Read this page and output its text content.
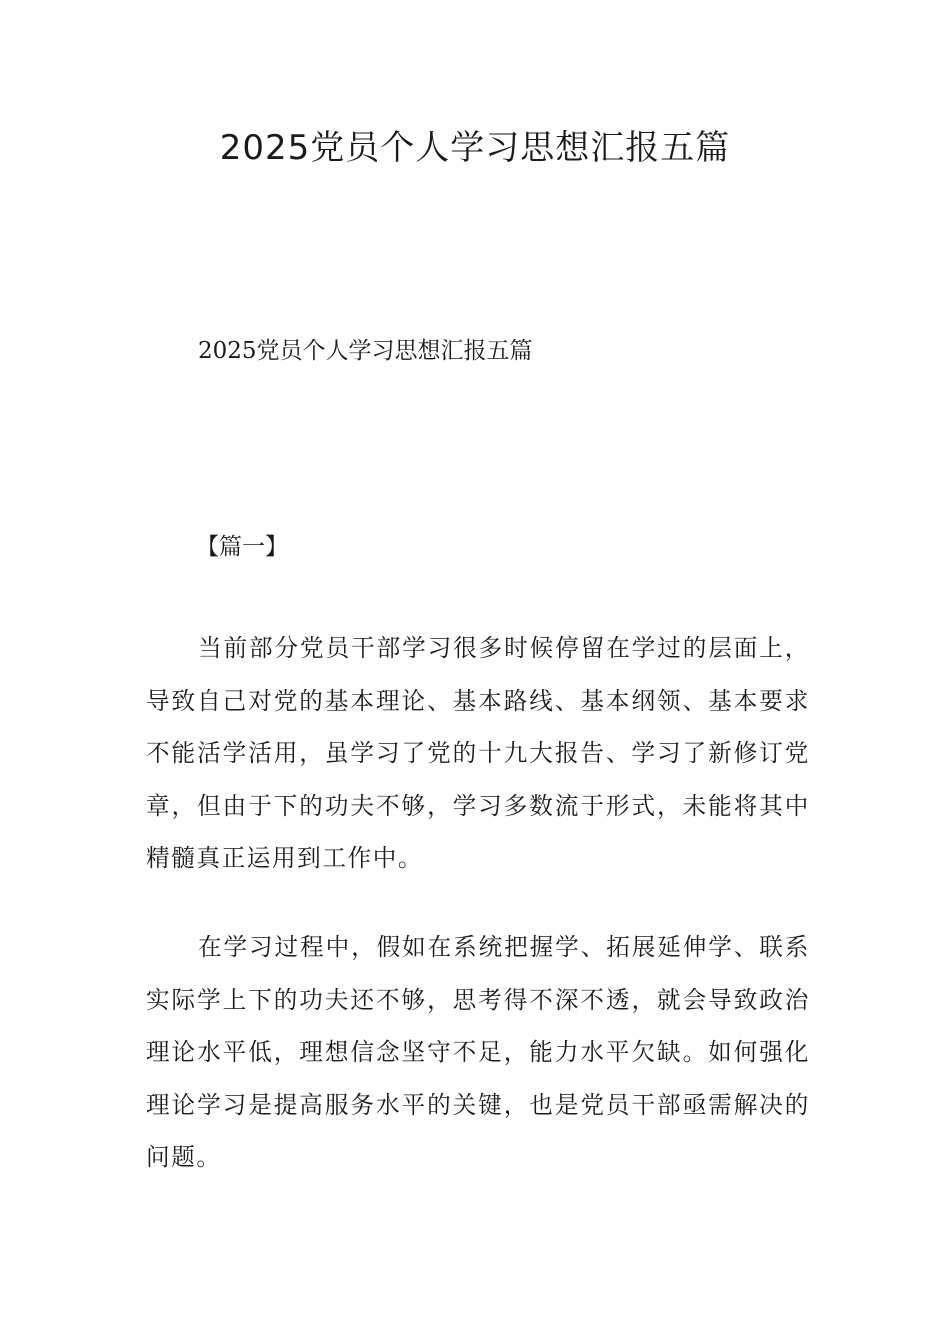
2025党员个人学习思想汇报五篇

2025党员个人学习思想汇报五篇

【篇一】

当前部分党员干部学习很多时候停留在学过的层面上，导致自己对党的基本理论、基本路线、基本纲领、基本要求不能活学活用，虽学习了党的十九大报告、学习了新修订党章，但由于下的功夫不够，学习多数流于形式，未能将其中精髓真正运用到工作中。

在学习过程中，假如在系统把握学、拓展延伸学、联系实际学上下的功夫还不够，思考得不深不透，就会导致政治理论水平低，理想信念坚守不足，能力水平欠缺。如何强化理论学习是提高服务水平的关键，也是党员干部亟需解决的问题。
